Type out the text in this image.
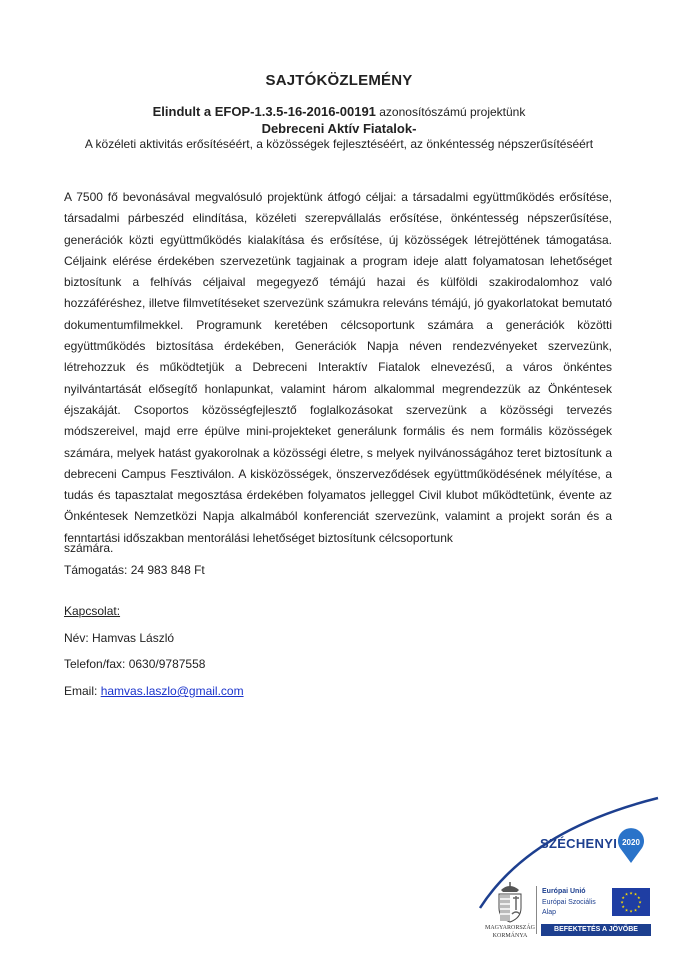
SAJTÓKÖZLEMÉNY
Elindult a EFOP-1.3.5-16-2016-00191 azonosítószámú projektünk
Debreceni Aktív Fiatalok-
A közéleti aktivitás erősítéséért, a közösségek fejlesztéséért, az önkéntesség népszerűsítéséért
A 7500 fő bevonásával megvalósuló projektünk átfogó céljai: a társadalmi együttműködés erősítése, társadalmi párbeszéd elindítása, közéleti szerepvállalás erősítése, önkéntesség népszerűsítése, generációk közti együttműködés kialakítása és erősítése, új közösségek létrejöttének támogatása. Céljaink elérése érdekében szervezetünk tagjainak a program ideje alatt folyamatosan lehetőséget biztosítunk a felhívás céljaival megegyező témájú hazai és külföldi szakirodalomhoz való hozzáféréshez, illetve filmvetítéseket szervezünk számukra releváns témájú, jó gyakorlatokat bemutató dokumentumfilmekkel. Programunk keretében célcsoportunk számára a generációk közötti együttműködés biztosítása érdekében, Generációk Napja néven rendezvényeket szervezünk, létrehozzuk és működtetjük a Debreceni Interaktív Fiatalok elnevezésű, a város önkéntes nyilvántartását elősegítő honlapunkat, valamint három alkalommal megrendezzük az Önkéntesek éjszakáját. Csoportos közösségfejlesztő foglalkozásokat szervezünk a közösségi tervezés módszereivel, majd erre épülve mini-projekteket generálunk formális és nem formális közösségek számára, melyek hatást gyakorolnak a közösségi életre, s melyek nyilvánosságához teret biztosítunk a debreceni Campus Fesztiválon. A kisközösségek, önszerveződések együttműködésének mélyítése, a tudás és tapasztalat megosztása érdekében folyamatos jelleggel Civil klubot működtetünk, évente az Önkéntesek Nemzetközi Napja alkalmából konferenciát szervezünk, valamint a projekt során és a fenntartási időszakban mentorálási lehetőséget biztosítunk célcsoportunk
számára.
Támogatás: 24 983 848 Ft
Kapcsolat:
Név: Hamvas László
Telefon/fax: 0630/9787558
Email: hamvas.laszlo@gmail.com
SZÉCHENYI 2020
MAGYARORSZÁG
KORMÁNYA
Európai Unió
Európai Szociális
Alap
★ ★
★
★
★
★
★
★
★
★
★
★
BEFEKTETÉS A JÖVŐBE
